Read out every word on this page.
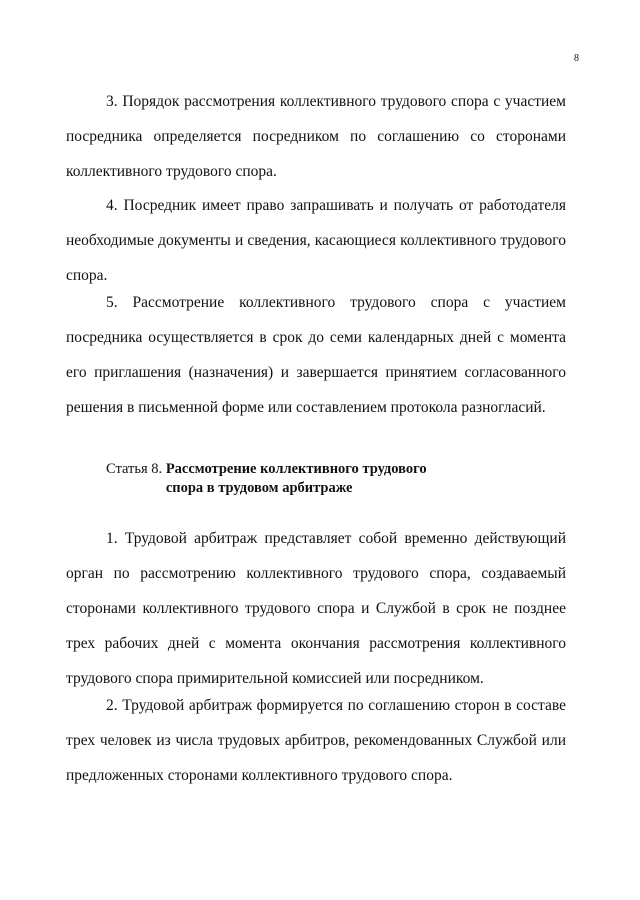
8

3. Порядок рассмотрения коллективного трудового спора с участием посредника определяется посредником по соглашению со сторонами коллективного трудового спора.

4. Посредник имеет право запрашивать и получать от работодателя необходимые документы и сведения, касающиеся коллективного трудового спора.

5. Рассмотрение коллективного трудового спора с участием посредника осуществляется в срок до семи календарных дней с момента его приглашения (назначения) и завершается принятием согласованного решения в письменной форме или составлением протокола разногласий.

Статья 8. Рассмотрение коллективного трудового спора в трудовом арбитраже

1. Трудовой арбитраж представляет собой временно действующий орган по рассмотрению коллективного трудового спора, создаваемый сторонами коллективного трудового спора и Службой в срок не позднее трех рабочих дней с момента окончания рассмотрения коллективного трудового спора примирительной комиссией или посредником.

2. Трудовой арбитраж формируется по соглашению сторон в составе трех человек из числа трудовых арбитров, рекомендованных Службой или предложенных сторонами коллективного трудового спора.
